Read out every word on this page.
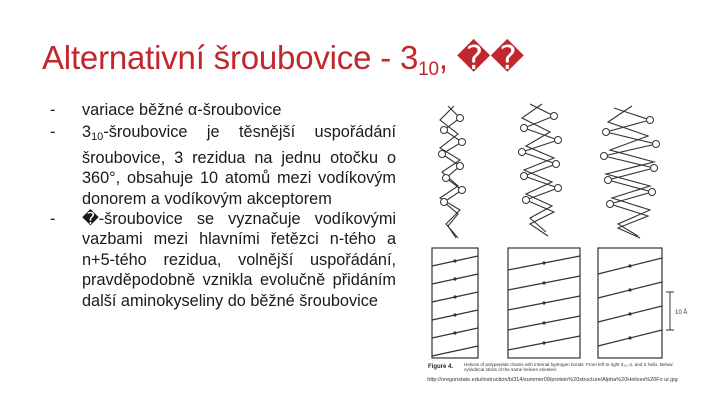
Alternativní šroubovice - $3_{10}$, ��
- variace běžné α-šroubovice
- $3_{10}$-šroubovice je těsnější uspořádání šroubovice, 3 rezidua na jednu otočku o 360°, obsahuje 10 atomů mezi vodíkovým donorem a vodíkovým akceptorem
- �-šroubovice se vyznačuje vodíkovými vazbami mezi hlavními řetězci n-tého a n+5-tého rezidua, volnější uspořádání, pravděpodobně vznikla evolučně přidáním další aminokyseliny do běžné šroubovice
10 Å
Figure 4. Helices of polypeptide chains with internal hydrogen bonds. From left to right 3₁₀, α, and π helix. Below: cylindrical sticks of the same helices oriented.
http://oregonstate.edu/instruction/bi314/summer09/protein%20structure/Alpha%20Helices%20Fo ur.jpg
